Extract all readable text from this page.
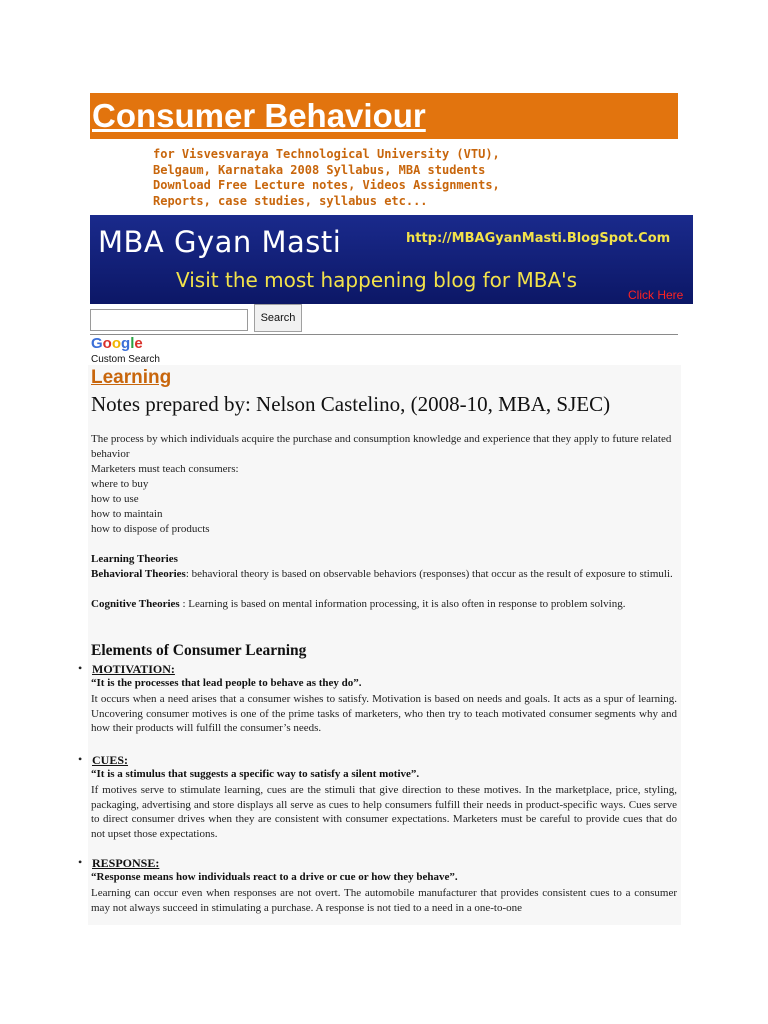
Consumer Behaviour
for Visvesvaraya Technological University (VTU),
Belgaum, Karnataka 2008 Syllabus, MBA students
Download Free Lecture notes, Videos Assignments,
Reports, case studies, syllabus etc...
MBA Gyan Masti	http://MBAGyanMasti.BlogSpot.Com
Visit the most happening blog for MBA's
Click Here
Search
Google
Custom Search
Learning
Notes prepared by: Nelson Castelino, (2008-10, MBA, SJEC)
The process by which individuals acquire the purchase and consumption knowledge and experience that they apply to future related behavior
Marketers must teach consumers:
where to buy
how to use
how to maintain
how to dispose of products
Learning Theories
Behavioral Theories: behavioral theory is based on observable behaviors (responses) that occur as the result of exposure to stimuli.
Cognitive Theories : Learning is based on mental information processing, it is also often in response to problem solving.
Elements of Consumer Learning
• MOTIVATION:
“It is the processes that lead people to behave as they do”.
It occurs when a need arises that a consumer wishes to satisfy. Motivation is based on needs and goals. It acts as a spur of learning. Uncovering consumer motives is one of the prime tasks of marketers, who then try to teach motivated consumer segments why and how their products will fulfill the consumer’s needs.
• CUES:
“It is a stimulus that suggests a specific way to satisfy a silent motive”.
If motives serve to stimulate learning, cues are the stimuli that give direction to these motives. In the marketplace, price, styling, packaging, advertising and store displays all serve as cues to help consumers fulfill their needs in product-specific ways. Cues serve to direct consumer drives when they are consistent with consumer expectations. Marketers must be careful to provide cues that do not upset those expectations.
• RESPONSE:
“Response means how individuals react to a drive or cue or how they behave”.
Learning can occur even when responses are not overt. The automobile manufacturer that provides consistent cues to a consumer may not always succeed in stimulating a purchase. A response is not tied to a need in a one-to-one
